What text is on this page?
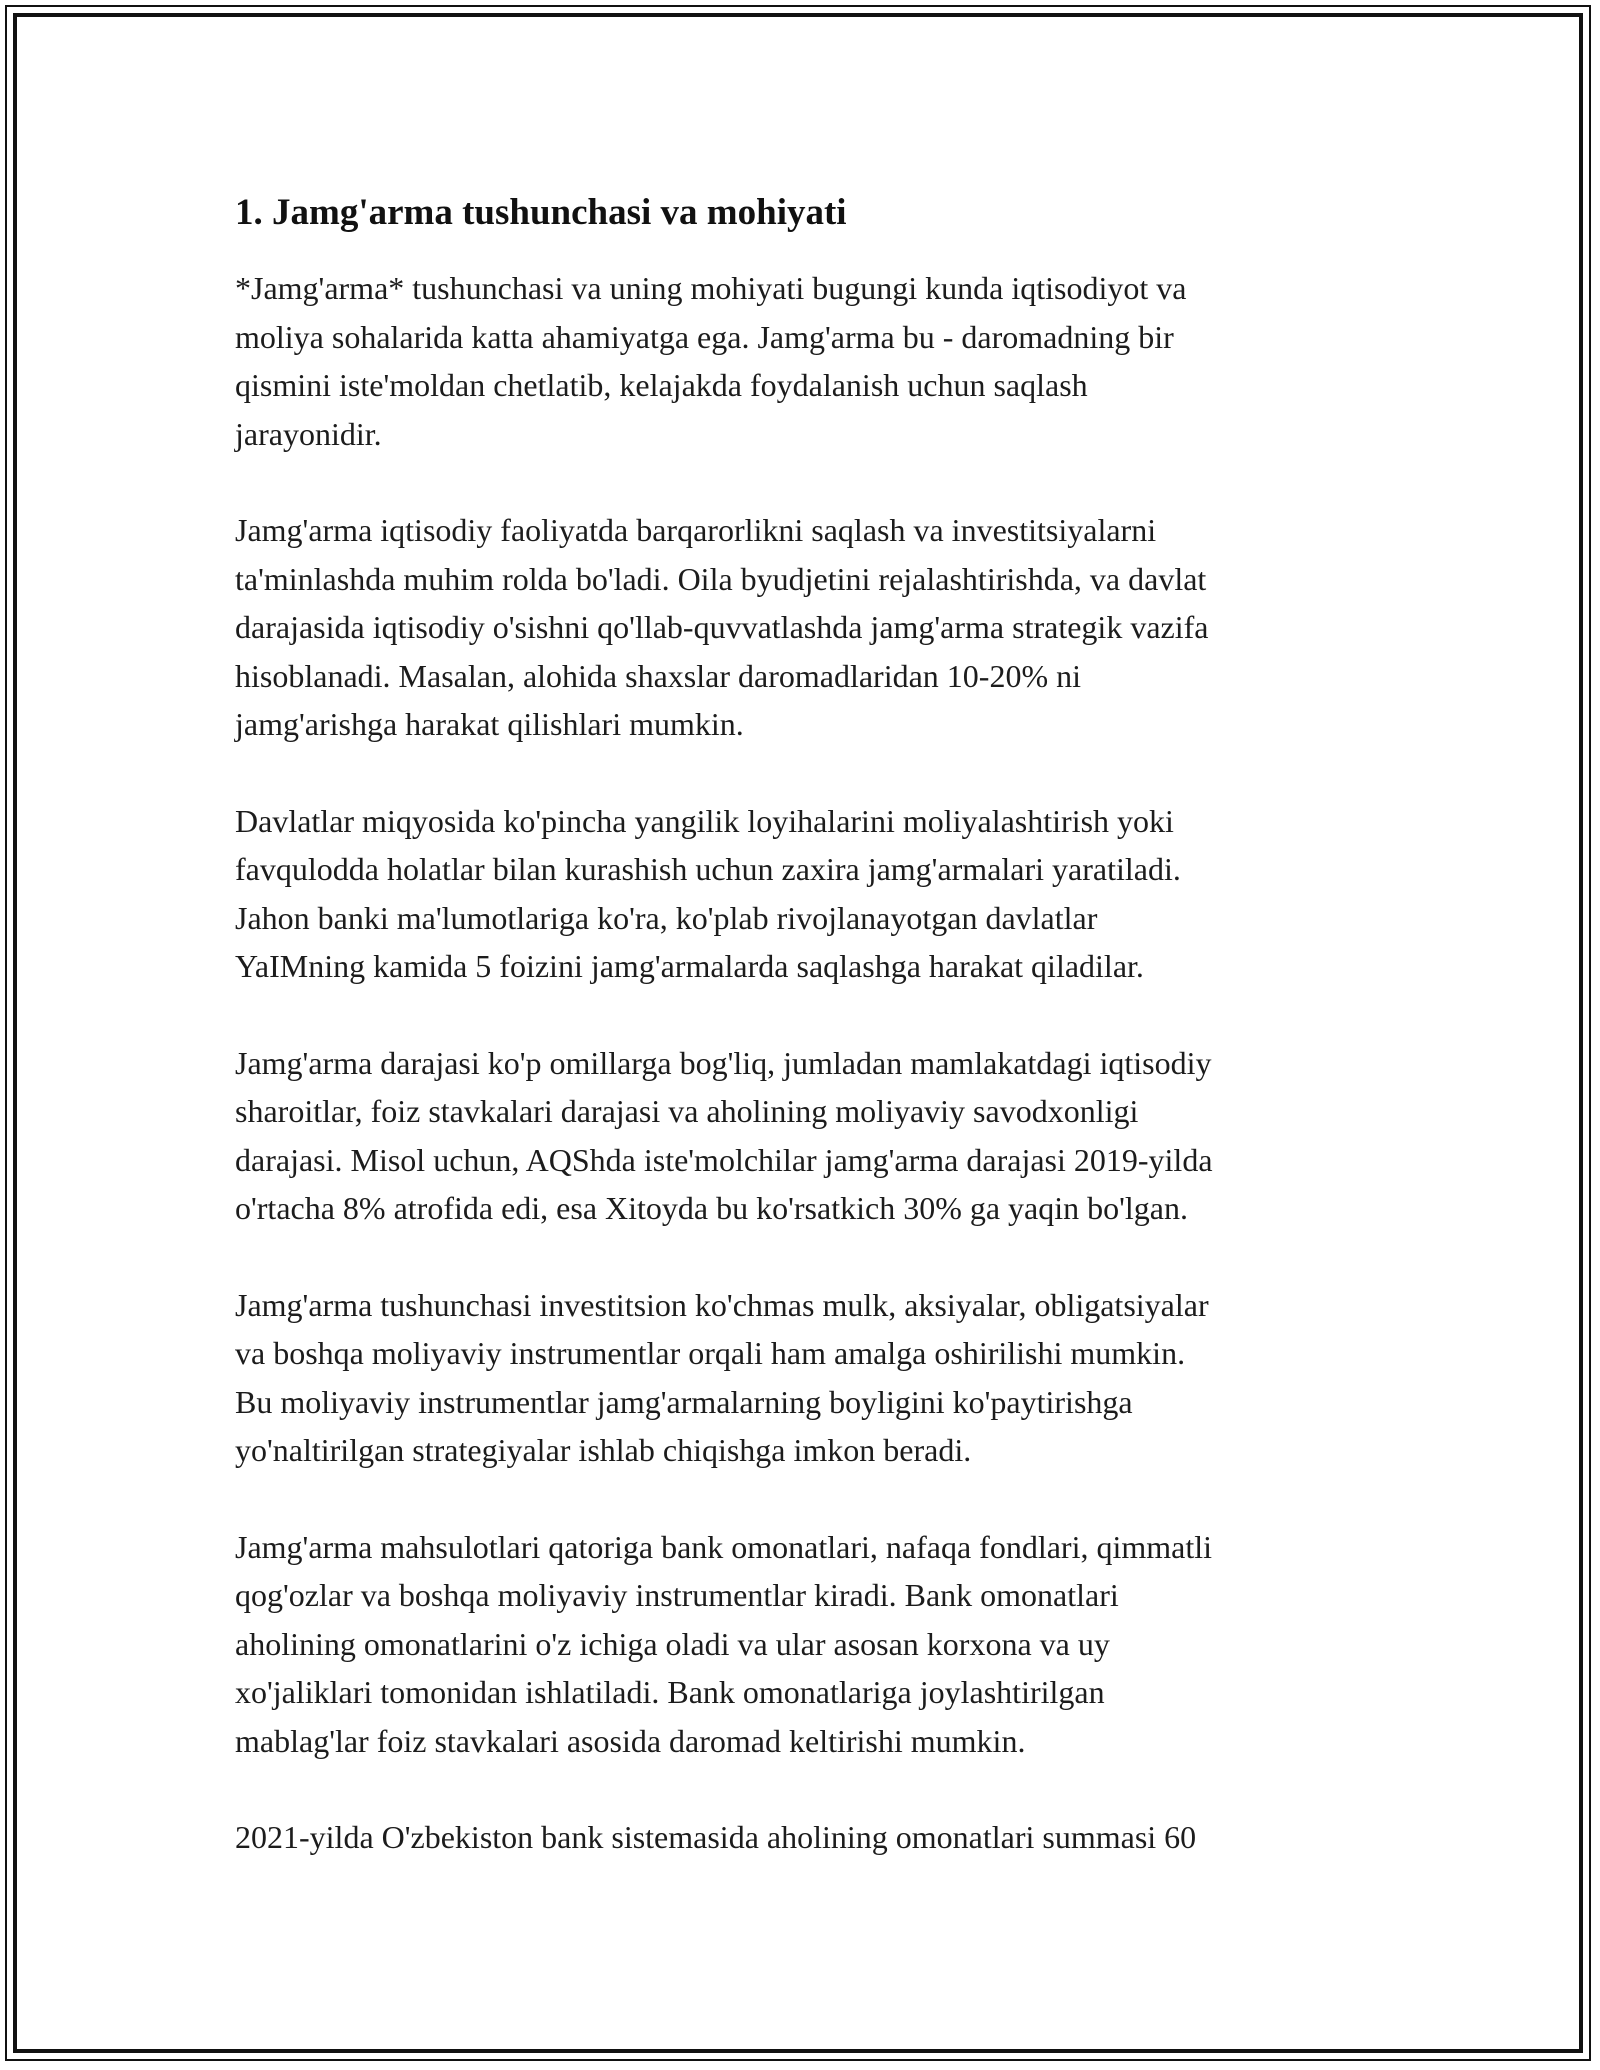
1. Jamg'arma tushunchasi va mohiyati

*Jamg'arma* tushunchasi va uning mohiyati bugungi kunda iqtisodiyot va
moliya sohalarida katta ahamiyatga ega. Jamg'arma bu - daromadning bir
qismini iste'moldan chetlatib, kelajakda foydalanish uchun saqlash
jarayonidir.

Jamg'arma iqtisodiy faoliyatda barqarorlikni saqlash va investitsiyalarni
ta'minlashda muhim rolda bo'ladi. Oila byudjetini rejalashtirishda, va davlat
darajasida iqtisodiy o'sishni qo'llab-quvvatlashda jamg'arma strategik vazifa
hisoblanadi. Masalan, alohida shaxslar daromadlaridan 10-20% ni
jamg'arishga harakat qilishlari mumkin.

Davlatlar miqyosida ko'pincha yangilik loyihalarini moliyalashtirish yoki
favqulodda holatlar bilan kurashish uchun zaxira jamg'armalari yaratiladi.
Jahon banki ma'lumotlariga ko'ra, ko'plab rivojlanayotgan davlatlar
YaIMning kamida 5 foizini jamg'armalarda saqlashga harakat qiladilar.

Jamg'arma darajasi ko'p omillarga bog'liq, jumladan mamlakatdagi iqtisodiy
sharoitlar, foiz stavkalari darajasi va aholining moliyaviy savodxonligi
darajasi. Misol uchun, AQShda iste'molchilar jamg'arma darajasi 2019-yilda
o'rtacha 8% atrofida edi, esa Xitoyda bu ko'rsatkich 30% ga yaqin bo'lgan.

Jamg'arma tushunchasi investitsion ko'chmas mulk, aksiyalar, obligatsiyalar
va boshqa moliyaviy instrumentlar orqali ham amalga oshirilishi mumkin.
Bu moliyaviy instrumentlar jamg'armalarning boyligini ko'paytirishga
yo'naltirilgan strategiyalar ishlab chiqishga imkon beradi.

Jamg'arma mahsulotlari qatoriga bank omonatlari, nafaqa fondlari, qimmatli
qog'ozlar va boshqa moliyaviy instrumentlar kiradi. Bank omonatlari
aholining omonatlarini o'z ichiga oladi va ular asosan korxona va uy
xo'jaliklari tomonidan ishlatiladi. Bank omonatlariga joylashtirilgan
mablag'lar foiz stavkalari asosida daromad keltirishi mumkin.

2021-yilda O'zbekiston bank sistemasida aholining omonatlari summasi 60
